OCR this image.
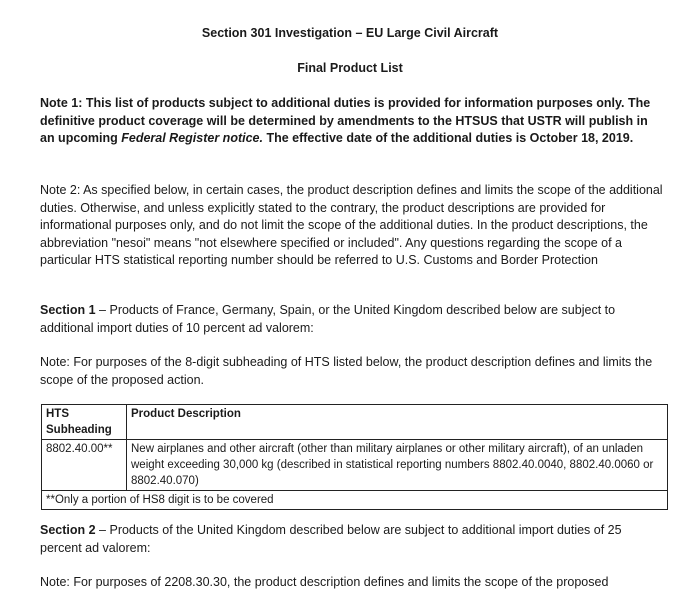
Section 301 Investigation – EU Large Civil Aircraft
Final Product List

Note 1: This list of products subject to additional duties is provided for information purposes only. The definitive product coverage will be determined by amendments to the HTSUS that USTR will publish in an upcoming Federal Register notice. The effective date of the additional duties is October 18, 2019.

Note 2: As specified below, in certain cases, the product description defines and limits the scope of the additional duties. Otherwise, and unless explicitly stated to the contrary, the product descriptions are provided for informational purposes only, and do not limit the scope of the additional duties. In the product descriptions, the abbreviation "nesoi" means "not elsewhere specified or included". Any questions regarding the scope of a particular HTS statistical reporting number should be referred to U.S. Customs and Border Protection

Section 1 – Products of France, Germany, Spain, or the United Kingdom described below are subject to additional import duties of 10 percent ad valorem:

Note: For purposes of the 8-digit subheading of HTS listed below, the product description defines and limits the scope of the proposed action.

HTS
Subheading	Product Description
8802.40.00**	New airplanes and other aircraft (other than military airplanes or other military aircraft), of an unladen weight exceeding 30,000 kg (described in statistical reporting numbers 8802.40.0040, 8802.40.0060 or 8802.40.070)
**Only a portion of HS8 digit is to be covered	

Section 2 – Products of the United Kingdom described below are subject to additional import duties of 25 percent ad valorem:

Note: For purposes of 2208.30.30, the product description defines and limits the scope of the proposed
